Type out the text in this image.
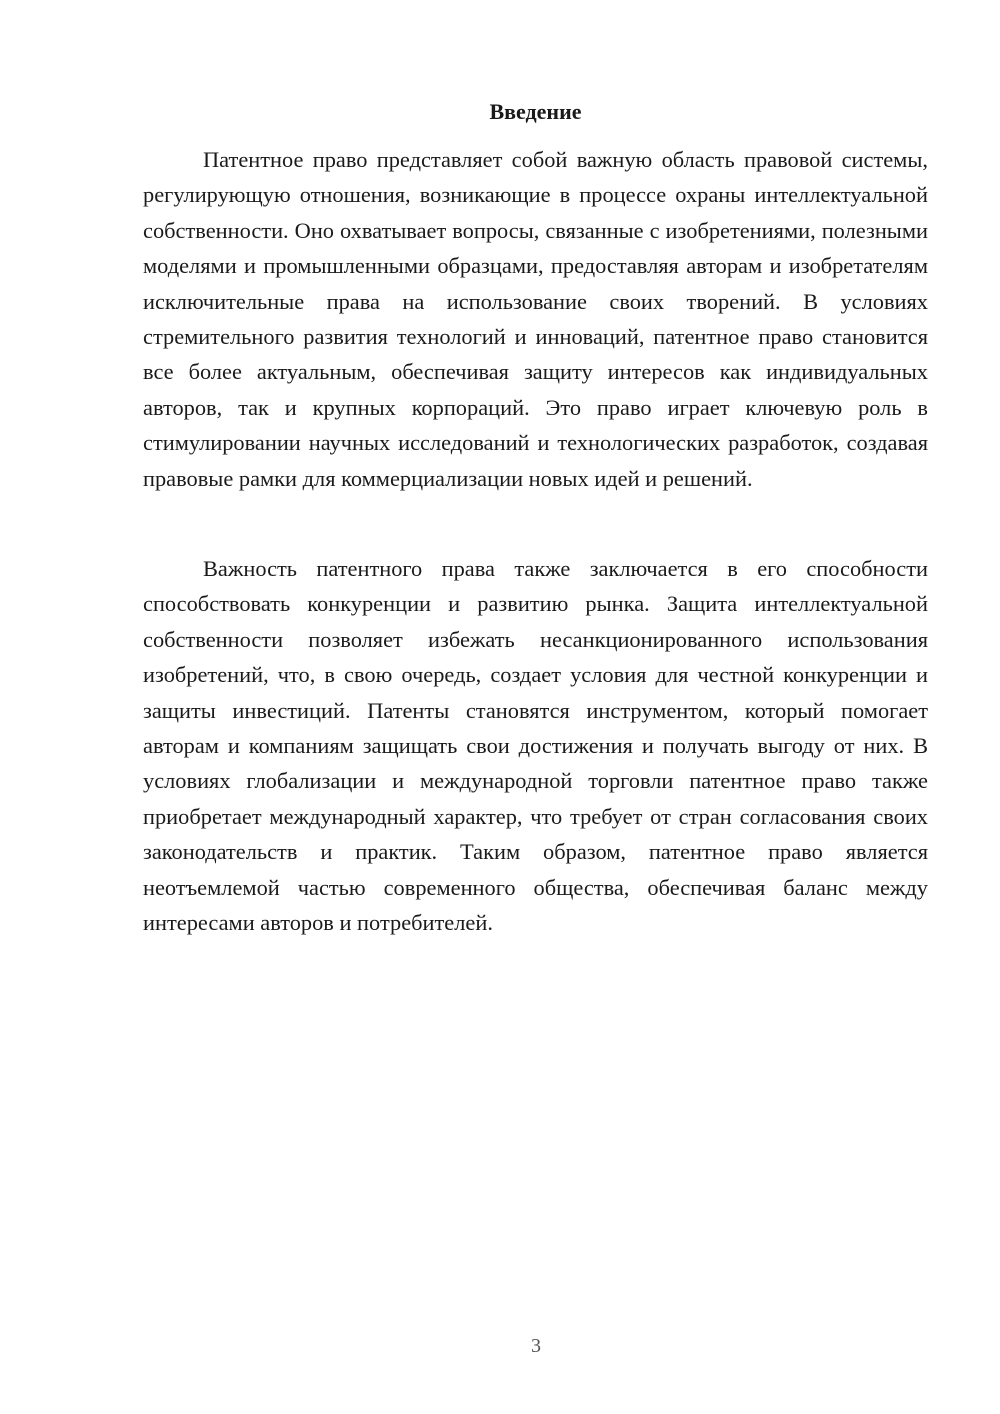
Введение

Патентное право представляет собой важную область правовой системы, регулирующую отношения, возникающие в процессе охраны интеллектуальной собственности. Оно охватывает вопросы, связанные с изобретениями, полезными моделями и промышленными образцами, предоставляя авторам и изобретателям исключительные права на использование своих творений. В условиях стремительного развития технологий и инноваций, патентное право становится все более актуальным, обеспечивая защиту интересов как индивидуальных авторов, так и крупных корпораций. Это право играет ключевую роль в стимулировании научных исследований и технологических разработок, создавая правовые рамки для коммерциализации новых идей и решений.

Важность патентного права также заключается в его способности способствовать конкуренции и развитию рынка. Защита интеллектуальной собственности позволяет избежать несанкционированного использования изобретений, что, в свою очередь, создает условия для честной конкуренции и защиты инвестиций. Патенты становятся инструментом, который помогает авторам и компаниям защищать свои достижения и получать выгоду от них. В условиях глобализации и международной торговли патентное право также приобретает международный характер, что требует от стран согласования своих законодательств и практик. Таким образом, патентное право является неотъемлемой частью современного общества, обеспечивая баланс между интересами авторов и потребителей.

3
